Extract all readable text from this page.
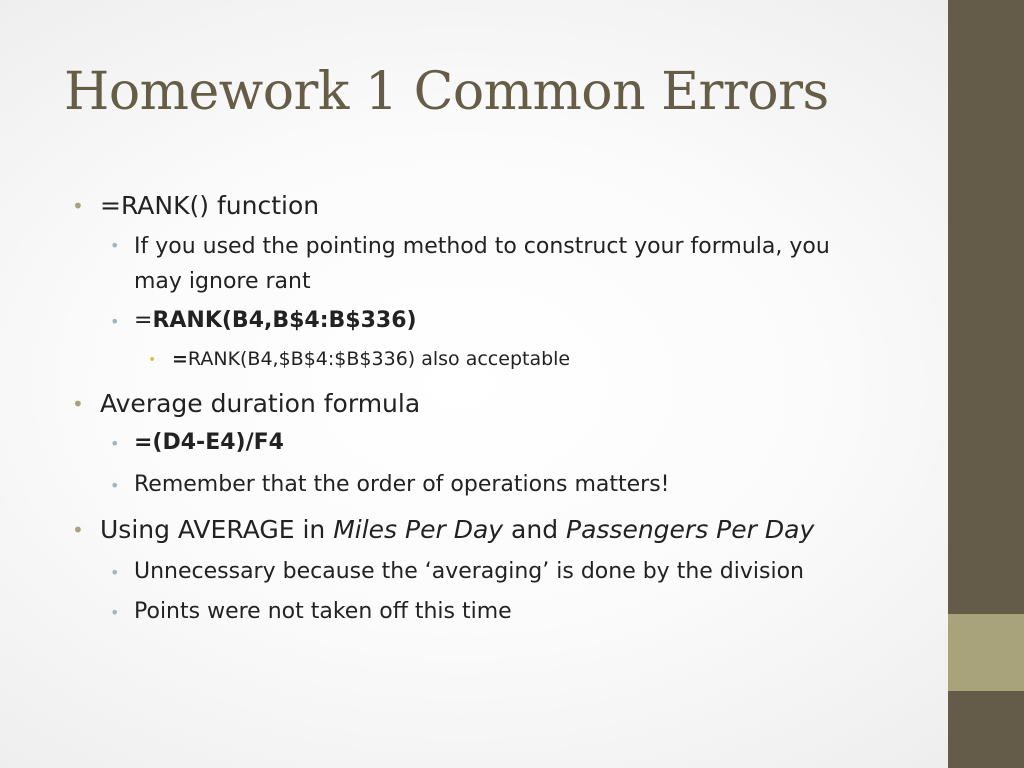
Homework 1 Common Errors
• =RANK() function
• If you used the pointing method to construct your formula, you may ignore rant
• =RANK(B4,B$4:B$336)
• =RANK(B4,$B$4:$B$336) also acceptable
• Average duration formula
• =(D4-E4)/F4
• Remember that the order of operations matters!
• Using AVERAGE in Miles Per Day and Passengers Per Day
• Unnecessary because the ‘averaging’ is done by the division
• Points were not taken off this time
